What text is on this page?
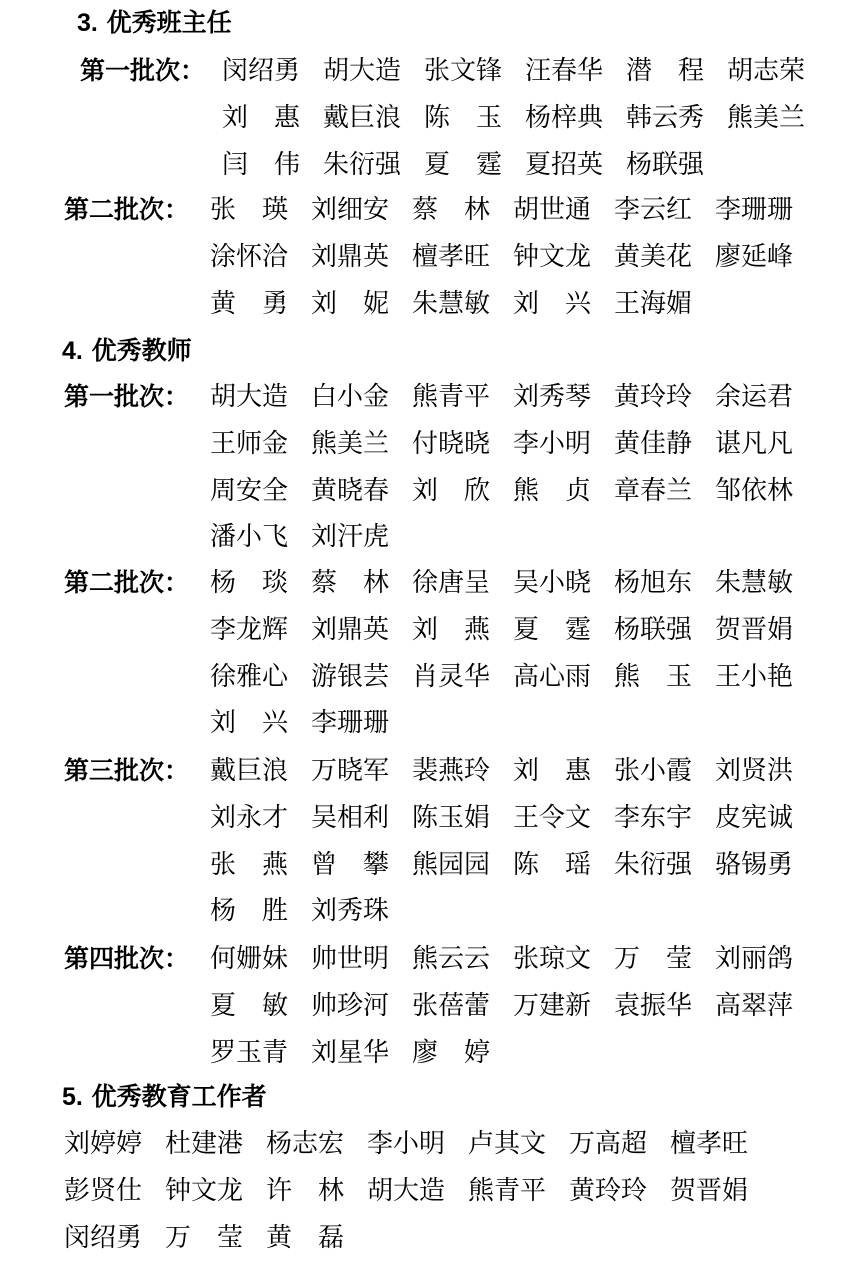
3. 优秀班主任
第一批次： 闵绍勇 胡大造 张文锋 汪春华 潜　程 胡志荣
刘　惠 戴巨浪 陈　玉 杨梓典 韩云秀 熊美兰
闫　伟 朱衍强 夏　霆 夏招英 杨联强
第二批次： 张　瑛 刘细安 蔡　林 胡世通 李云红 李珊珊
涂怀洽 刘鼎英 檀孝旺 钟文龙 黄美花 廖延峰
黄　勇 刘　妮 朱慧敏 刘　兴 王海媚
4. 优秀教师
第一批次： 胡大造 白小金 熊青平 刘秀琴 黄玲玲 余运君
王师金 熊美兰 付晓晓 李小明 黄佳静 谌凡凡
周安全 黄晓春 刘　欣 熊　贞 章春兰 邹依林
潘小飞 刘汗虎
第二批次： 杨　琰 蔡　林 徐唐呈 吴小晓 杨旭东 朱慧敏
李龙辉 刘鼎英 刘　燕 夏　霆 杨联强 贺晋娟
徐雅心 游银芸 肖灵华 高心雨 熊　玉 王小艳
刘　兴 李珊珊
第三批次： 戴巨浪 万晓军 裴燕玲 刘　惠 张小霞 刘贤洪
刘永才 吴相利 陈玉娟 王令文 李东宇 皮宪诚
张　燕 曾　攀 熊园园 陈　瑶 朱衍强 骆锡勇
杨　胜 刘秀珠
第四批次： 何姗妹 帅世明 熊云云 张琼文 万　莹 刘丽鸽
夏　敏 帅珍河 张蓓蕾 万建新 袁振华 高翠萍
罗玉青 刘星华 廖　婷
5. 优秀教育工作者
刘婷婷 杜建港 杨志宏 李小明 卢其文 万高超 檀孝旺
彭贤仕 钟文龙 许　林 胡大造 熊青平 黄玲玲 贺晋娟
闵绍勇 万　莹 黄　磊
